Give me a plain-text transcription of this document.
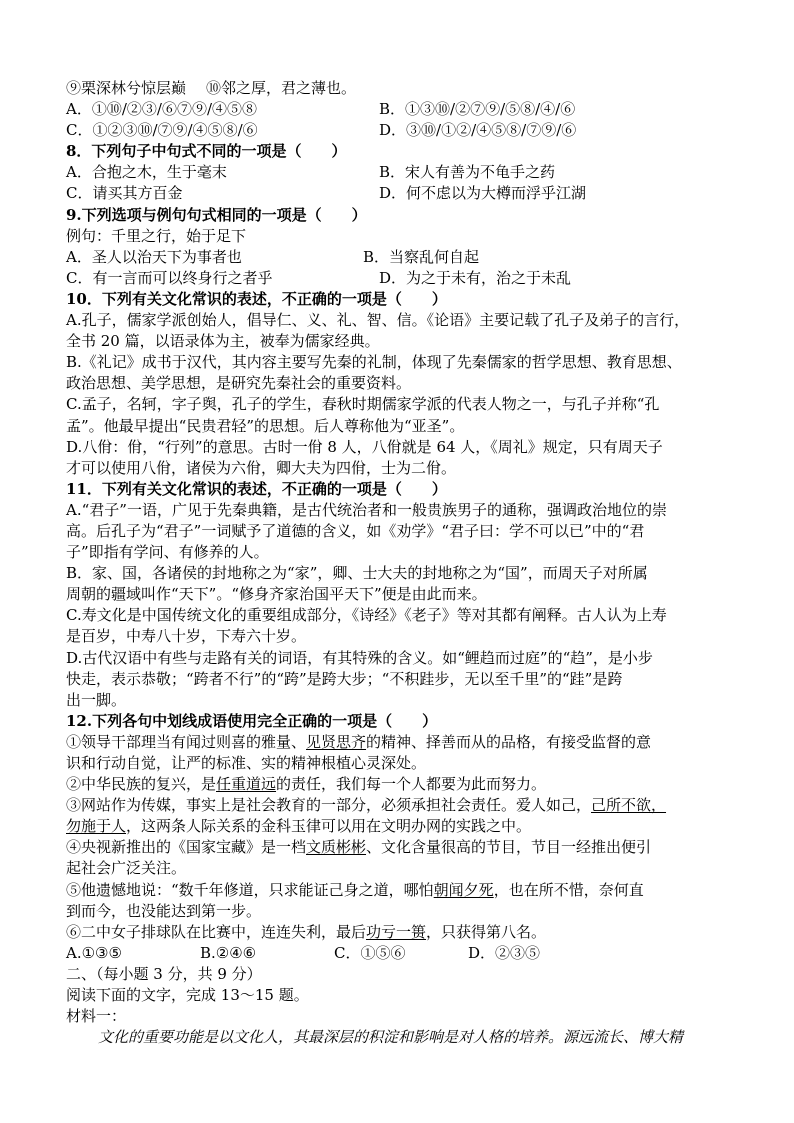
⑨栗深林兮惊层巅 ⑩邻之厚，君之薄也。
A．①⑩/②③/⑥⑦⑨/④⑤⑧	B．①③⑩/②⑦⑨/⑤⑧/④/⑥
C．①②③⑩/⑦⑨/④⑤⑧/⑥	D．③⑩/①②/④⑤⑧/⑦⑨/⑥
8．下列句子中句式不同的一项是（　　）
A．合抱之木，生于毫末	B．宋人有善为不龟手之药
C．请买其方百金	D．何不虑以为大樽而浮乎江湖
9.下列选项与例句句式相同的一项是（　　）
例句：千里之行，始于足下
A．圣人以治天下为事者也	B．当察乱何自起
C．有一言而可以终身行之者乎	D．为之于未有，治之于未乱
10．下列有关文化常识的表述，不正确的一项是（　　）
A.孔子，儒家学派创始人，倡导仁、义、礼、智、信。《论语》主要记载了孔子及弟子的言行，
全书 20 篇，以语录体为主，被奉为儒家经典。
B.《礼记》成书于汉代，其内容主要写先秦的礼制，体现了先秦儒家的哲学思想、教育思想、
政治思想、美学思想，是研究先秦社会的重要资料。
C.孟子，名轲，字子舆，孔子的学生，春秋时期儒家学派的代表人物之一，与孔子并称“孔
孟”。他最早提出“民贵君轻”的思想。后人尊称他为“亚圣”。
D.八佾：佾，“行列”的意思。古时一佾 8 人，八佾就是 64 人，《周礼》规定，只有周天子
才可以使用八佾，诸侯为六佾，卿大夫为四佾，士为二佾。
11．下列有关文化常识的表述，不正确的一项是（　　）
A.“君子”一语，广见于先秦典籍，是古代统治者和一般贵族男子的通称，强调政治地位的崇
高。后孔子为“君子”一词赋予了道德的含义，如《劝学》“君子曰：学不可以已”中的“君
子”即指有学问、有修养的人。
B．家、国，各诸侯的封地称之为“家”，卿、士大夫的封地称之为“国”，而周天子对所属
周朝的疆域叫作“天下”。“修身齐家治国平天下”便是由此而来。
C.寿文化是中国传统文化的重要组成部分，《诗经》《老子》等对其都有阐释。古人认为上寿
是百岁，中寿八十岁，下寿六十岁。
D.古代汉语中有些与走路有关的词语，有其特殊的含义。如“鲤趋而过庭”的“趋”，是小步
快走，表示恭敬；“跨者不行”的“跨”是跨大步；“不积跬步，无以至千里”的“跬”是跨
出一脚。
12.下列各句中划线成语使用完全正确的一项是（　　）
①领导干部理当有闻过则喜的雅量、见贤思齐的精神、择善而从的品格，有接受监督的意
识和行动自觉，让严的标准、实的精神根植心灵深处。
②中华民族的复兴，是任重道远的责任，我们每一个人都要为此而努力。
③网站作为传媒，事实上是社会教育的一部分，必须承担社会责任。爱人如己，己所不欲，
勿施于人，这两条人际关系的金科玉律可以用在文明办网的实践之中。
④央视新推出的《国家宝藏》是一档文质彬彬、文化含量很高的节目，节目一经推出便引
起社会广泛关注。
⑤他遗憾地说：“数千年修道，只求能证己身之道，哪怕朝闻夕死，也在所不惜，奈何直
到而今，也没能达到第一步。
⑥二中女子排球队在比赛中，连连失利，最后功亏一篑，只获得第八名。
A.①③⑤	B.②④⑥	C．①⑤⑥	D．②③⑤
二、（每小题 3 分，共 9 分）
阅读下面的文字，完成 13～15 题。
材料一：
文化的重要功能是以文化人，其最深层的积淀和影响是对人格的培养。源远流长、博大精
